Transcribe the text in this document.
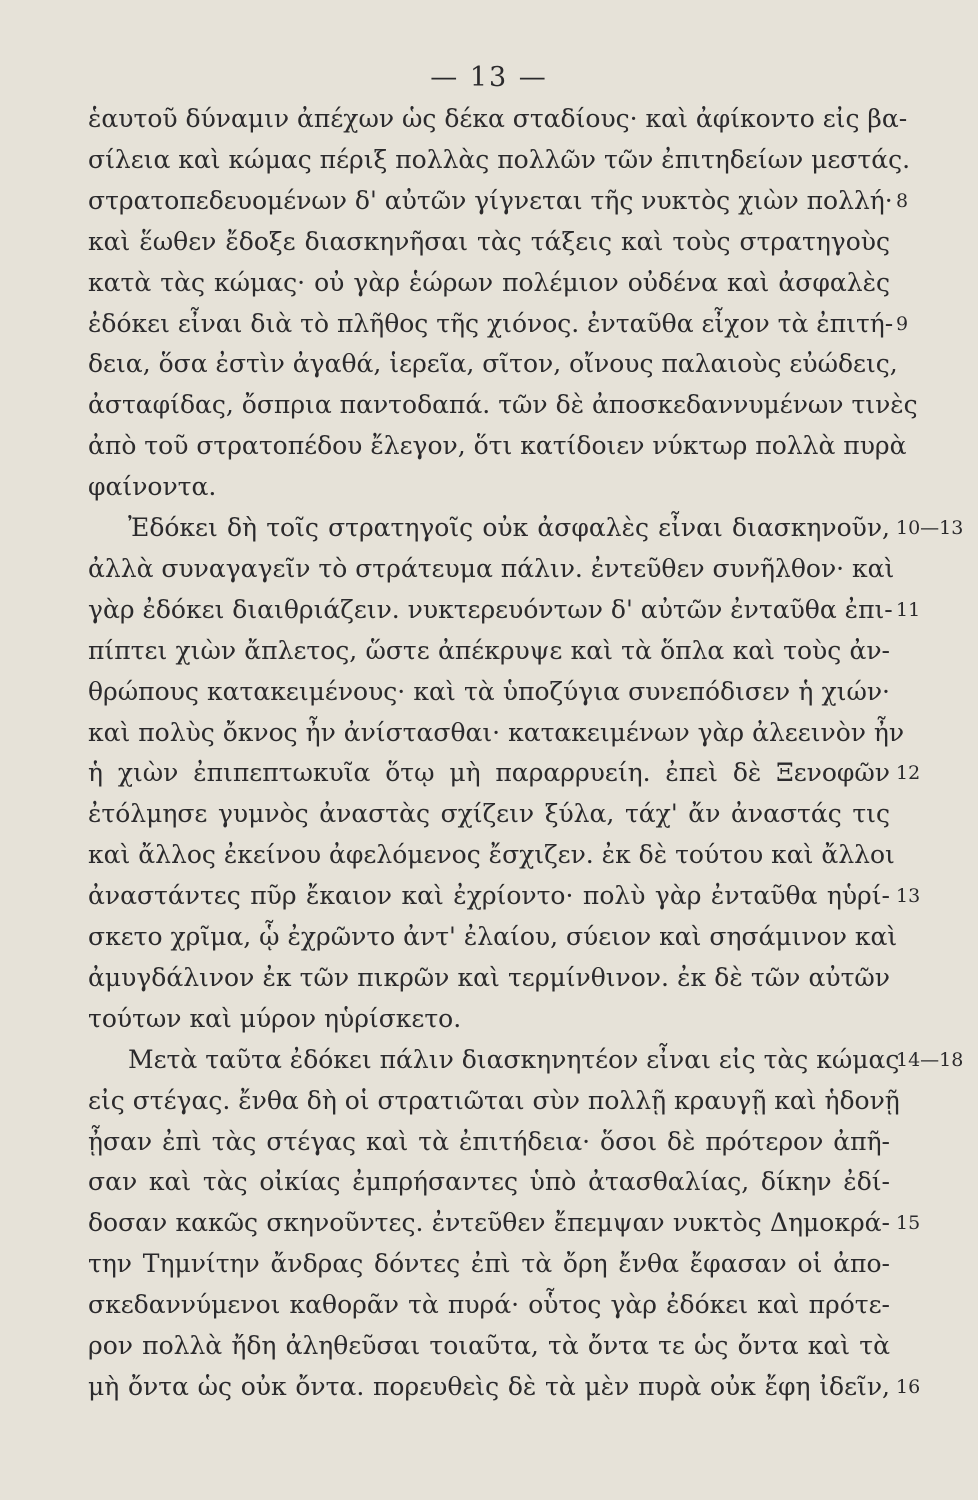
— 13 —
ἑαυτοῦ δύναμιν ἀπέχων ὡς δέκα σταδίους· καὶ ἀφίκοντο εἰς βα-
σίλεια καὶ κώμας πέριξ πολλὰς πολλῶν τῶν ἐπιτηδείων μεστάς.
στρατοπεδευομένων δ' αὐτῶν γίγνεται τῆς νυκτὸς χιὼν πολλή· 8
καὶ ἕωθεν ἔδοξε διασκηνῆσαι τὰς τάξεις καὶ τοὺς στρατηγοὺς
κατὰ τὰς κώμας· οὐ γὰρ ἑώρων πολέμιον οὐδένα καὶ ἀσφαλὲς
ἐδόκει εἶναι διὰ τὸ πλῆθος τῆς χιόνος. ἐνταῦθα εἶχον τὰ ἐπιτή- 9
δεια, ὅσα ἐστὶν ἀγαθά, ἱερεῖα, σῖτον, οἴνους παλαιοὺς εὐώδεις,
ἀσταφίδας, ὄσπρια παντοδαπά. τῶν δὲ ἀποσκεδαννυμένων τινὲς
ἀπὸ τοῦ στρατοπέδου ἔλεγον, ὅτι κατίδοιεν νύκτωρ πολλὰ πυρὰ
φαίνοντα.
Ἐδόκει δὴ τοῖς στρατηγοῖς οὐκ ἀσφαλὲς εἶναι διασκηνοῦν, 10—13
ἀλλὰ συναγαγεῖν τὸ στράτευμα πάλιν. ἐντεῦθεν συνῆλθον· καὶ
γὰρ ἐδόκει διαιθριάζειν. νυκτερευόντων δ' αὐτῶν ἐνταῦθα ἐπι- 11
πίπτει χιὼν ἄπλετος, ὥστε ἀπέκρυψε καὶ τὰ ὅπλα καὶ τοὺς ἀν-
θρώπους κατακειμένους· καὶ τὰ ὑποζύγια συνεπόδισεν ἡ χιών·
καὶ πολὺς ὄκνος ἦν ἀνίστασθαι· κατακειμένων γὰρ ἀλεεινὸν ἦν
ἡ χιὼν ἐπιπεπτωκυῖα ὅτῳ μὴ παραρρυείη. ἐπεὶ δὲ Ξενοφῶν 12
ἐτόλμησε γυμνὸς ἀναστὰς σχίζειν ξύλα, τάχ' ἄν ἀναστάς τις
καὶ ἄλλος ἐκείνου ἀφελόμενος ἔσχιζεν. ἐκ δὲ τούτου καὶ ἄλλοι
ἀναστάντες πῦρ ἔκαιον καὶ ἐχρίοντο· πολὺ γὰρ ἐνταῦθα ηὑρί- 13
σκετο χρῖμα, ᾧ ἐχρῶντο ἀντ' ἐλαίου, σύειον καὶ σησάμινον καὶ
ἀμυγδάλινον ἐκ τῶν πικρῶν καὶ τερμίνθινον. ἐκ δὲ τῶν αὐτῶν
τούτων καὶ μύρον ηὑρίσκετο.
Μετὰ ταῦτα ἐδόκει πάλιν διασκηνητέον εἶναι εἰς τὰς κώμας
14—18
εἰς στέγας. ἔνθα δὴ οἱ στρατιῶται σὺν πολλῇ κραυγῇ καὶ ἡδονῇ
ᾖσαν ἐπὶ τὰς στέγας καὶ τὰ ἐπιτήδεια· ὅσοι δὲ πρότερον ἀπῆ-
σαν καὶ τὰς οἰκίας ἐμπρήσαντες ὑπὸ ἀτασθαλίας, δίκην ἐδί-
δοσαν κακῶς σκηνοῦντες. ἐντεῦθεν ἔπεμψαν νυκτὸς Δημοκρά- 15
την Τημνίτην ἄνδρας δόντες ἐπὶ τὰ ὄρη ἔνθα ἔφασαν οἱ ἀπο-
σκεδαννύμενοι καθορᾶν τὰ πυρά· οὗτος γὰρ ἐδόκει καὶ πρότε-
ρον πολλὰ ἤδη ἀληθεῦσαι τοιαῦτα, τὰ ὄντα τε ὡς ὄντα καὶ τὰ
μὴ ὄντα ὡς οὐκ ὄντα. πορευθεὶς δὲ τὰ μὲν πυρὰ οὐκ ἔφη ἰδεῖν, 16
